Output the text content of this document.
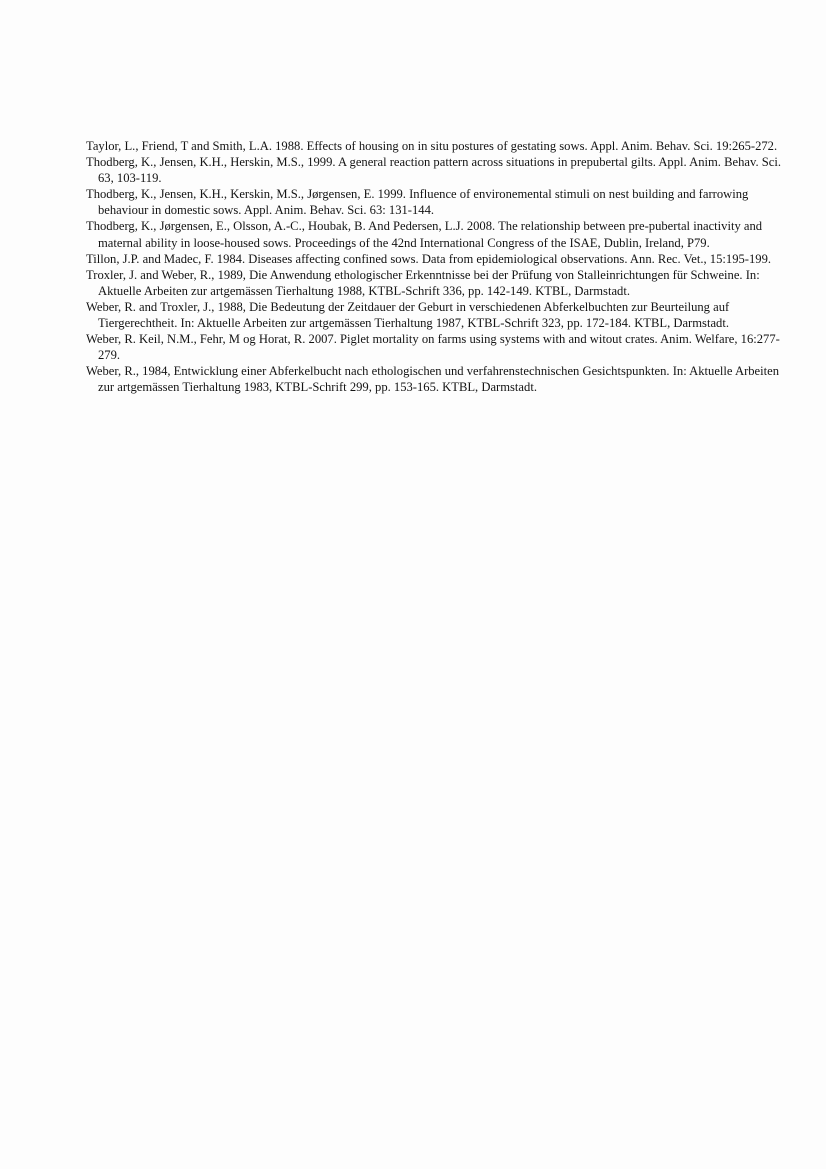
Taylor, L., Friend, T and Smith, L.A. 1988. Effects of housing on in situ postures of gestating sows. Appl. Anim. Behav. Sci. 19:265-272.
Thodberg, K., Jensen, K.H., Herskin, M.S., 1999. A general reaction pattern across situations in prepubertal gilts. Appl. Anim. Behav. Sci. 63, 103-119.
Thodberg, K., Jensen, K.H., Kerskin, M.S., Jørgensen, E. 1999. Influence of environemental stimuli on nest building and farrowing behaviour in domestic sows. Appl. Anim. Behav. Sci. 63: 131-144.
Thodberg, K., Jørgensen, E., Olsson, A.-C., Houbak, B. And Pedersen, L.J. 2008. The relationship between pre-pubertal inactivity and maternal ability in loose-housed sows. Proceedings of the 42nd International Congress of the ISAE, Dublin, Ireland, P79.
Tillon, J.P. and Madec, F. 1984. Diseases affecting confined sows. Data from epidemiological observations. Ann. Rec. Vet., 15:195-199.
Troxler, J. and Weber, R., 1989, Die Anwendung ethologischer Erkenntnisse bei der Prüfung von Stalleinrichtungen für Schweine. In: Aktuelle Arbeiten zur artgemässen Tierhaltung 1988, KTBL-Schrift 336, pp. 142-149. KTBL, Darmstadt.
Weber, R. and Troxler, J., 1988, Die Bedeutung der Zeitdauer der Geburt in verschiedenen Abferkelbuchten zur Beurteilung auf Tiergerechtheit. In: Aktuelle Arbeiten zur artgemässen Tierhaltung 1987, KTBL-Schrift 323, pp. 172-184. KTBL, Darmstadt.
Weber, R. Keil, N.M., Fehr, M og Horat, R. 2007. Piglet mortality on farms using systems with and witout crates. Anim. Welfare, 16:277-279.
Weber, R., 1984, Entwicklung einer Abferkelbucht nach ethologischen und verfahrenstechnischen Gesichtspunkten. In: Aktuelle Arbeiten zur artgemässen Tierhaltung 1983, KTBL-Schrift 299, pp. 153-165. KTBL, Darmstadt.
